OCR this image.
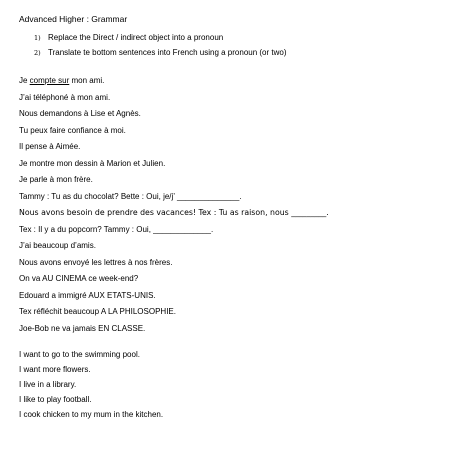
Advanced Higher : Grammar
1) Replace the Direct / indirect object into a pronoun
2) Translate te bottom sentences into French using a pronoun (or two)
Je compte sur mon ami.
J’ai téléphoné à mon ami.
Nous demandons à Lise et Agnès.
Tu peux faire confiance à moi.
Il pense à Aimée.
Je montre mon dessin à Marion et Julien.
Je parle à mon frère.
Tammy : Tu as du chocolat? Bette : Oui, je/j’ ______________.
Nous avons besoin de prendre des vacances! Tex : Tu as raison, nous _________.
Tex : Il y a du popcorn? Tammy : Oui, _____________.
J’ai beaucoup d’amis.
Nous avons envoyé les lettres à nos frères.
On va AU CINEMA ce week-end?
Edouard a immigré AUX ETATS-UNIS.
Tex réfléchit beaucoup A LA PHILOSOPHIE.
Joe-Bob ne va jamais EN CLASSE.
I want to go to the swimming pool.
I want more flowers.
I live in a library.
I like to play football.
I cook chicken to my mum in the kitchen.
